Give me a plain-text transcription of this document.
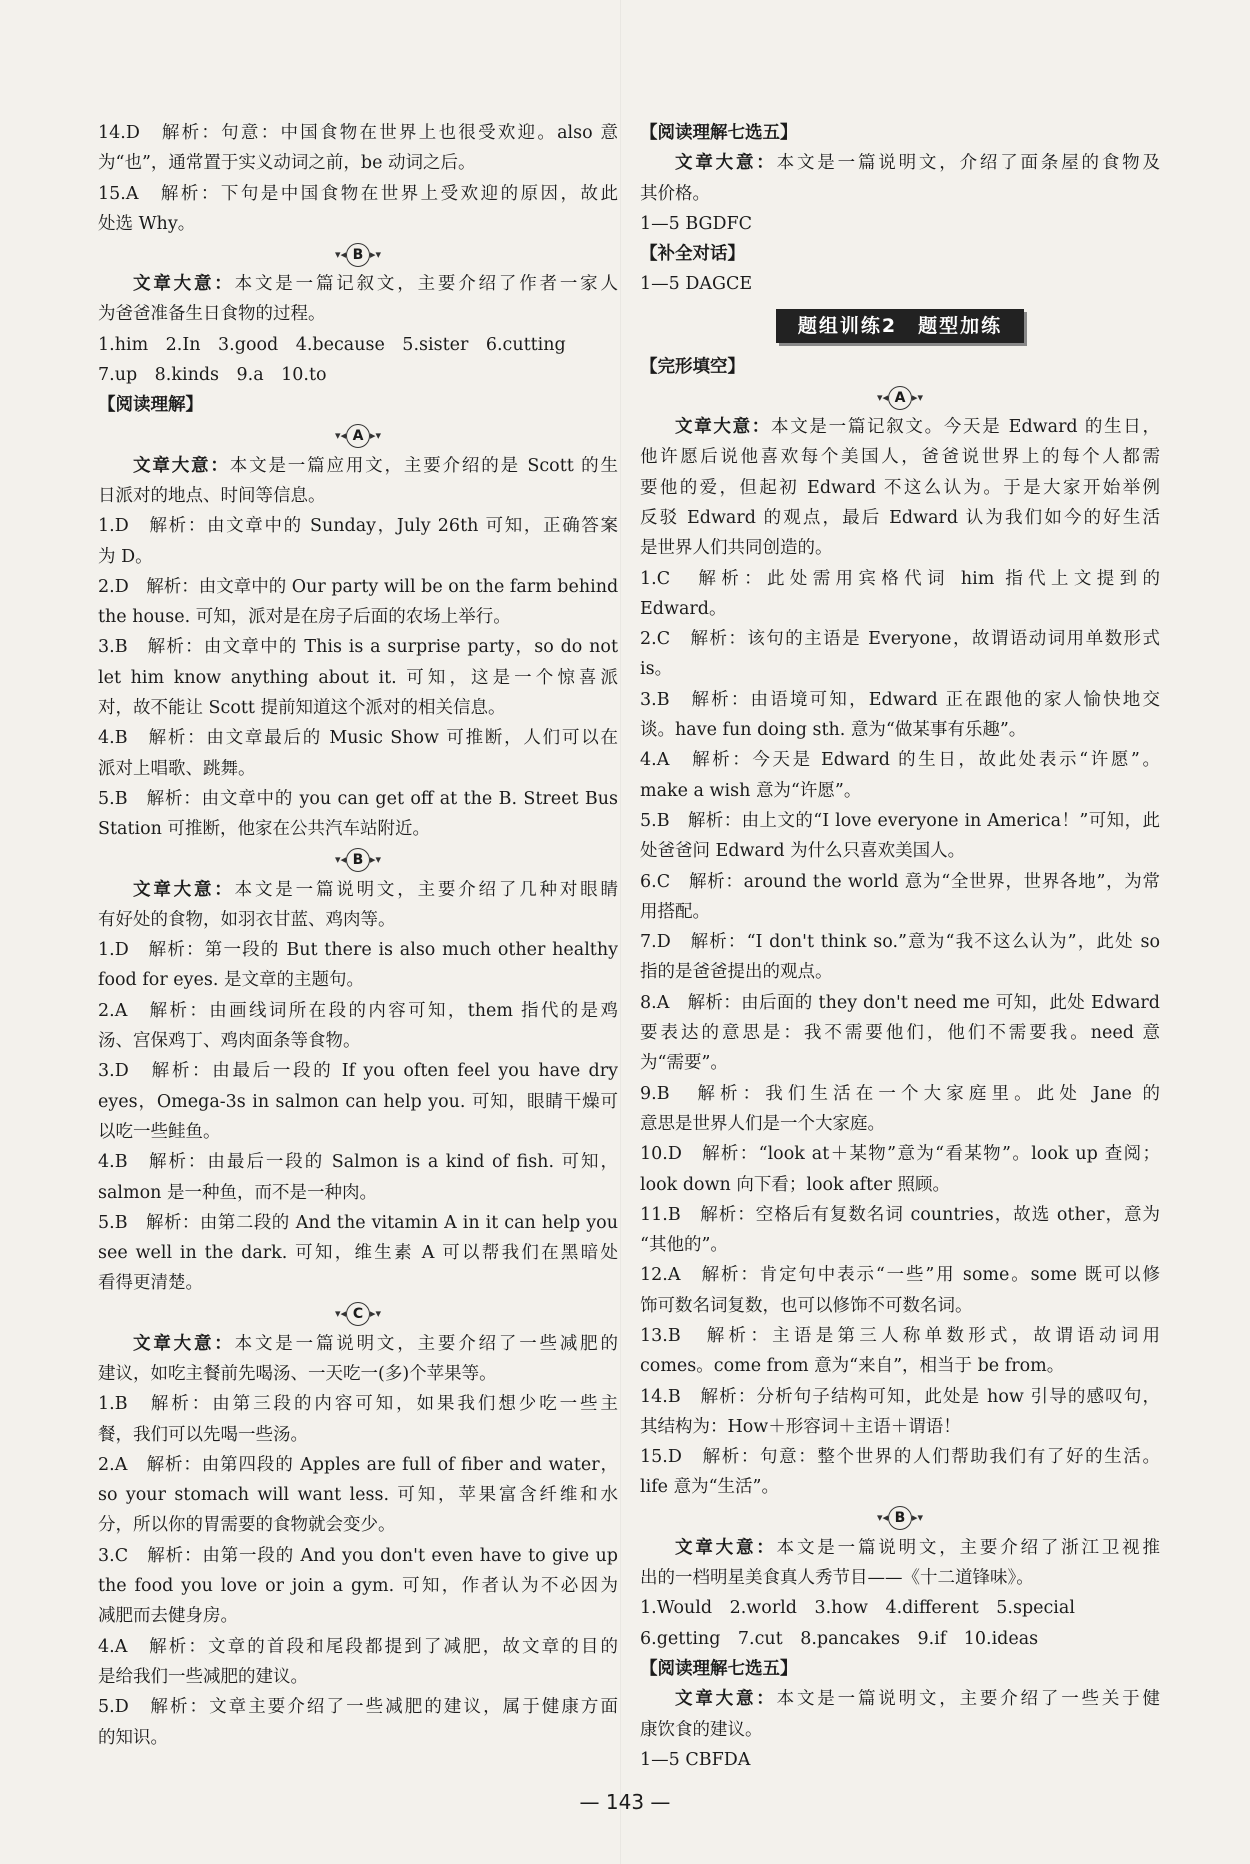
14.D　解析：句意：中国食物在世界上也很受欢迎。also 意
为“也”，通常置于实义动词之前，be 动词之后。
15.A　解析：下句是中国食物在世界上受欢迎的原因，故此
处选 Why。
▾◂B▸▾
文章大意：本文是一篇记叙文，主要介绍了作者一家人
为爸爸准备生日食物的过程。
1.him　2.In　3.good　4.because　5.sister　6.cutting
7.up　8.kinds　9.a　10.to
【阅读理解】
▾◂A▸▾
文章大意：本文是一篇应用文，主要介绍的是 Scott 的生
日派对的地点、时间等信息。
1.D　解析：由文章中的 Sunday，July 26th 可知，正确答案
为 D。
2.D　解析：由文章中的 Our party will be on the farm behind
the house. 可知，派对是在房子后面的农场上举行。
3.B　解析：由文章中的 This is a surprise party，so do not
let him know anything about it. 可知，这是一个惊喜派
对，故不能让 Scott 提前知道这个派对的相关信息。
4.B　解析：由文章最后的 Music Show 可推断，人们可以在
派对上唱歌、跳舞。
5.B　解析：由文章中的 you can get off at the B. Street Bus
Station 可推断，他家在公共汽车站附近。
▾◂B▸▾
文章大意：本文是一篇说明文，主要介绍了几种对眼睛
有好处的食物，如羽衣甘蓝、鸡肉等。
1.D　解析：第一段的 But there is also much other healthy
food for eyes. 是文章的主题句。
2.A　解析：由画线词所在段的内容可知，them 指代的是鸡
汤、宫保鸡丁、鸡肉面条等食物。
3.D　解析：由最后一段的 If you often feel you have dry
eyes，Omega-3s in salmon can help you. 可知，眼睛干燥可
以吃一些鲑鱼。
4.B　解析：由最后一段的 Salmon is a kind of fish. 可知，
salmon 是一种鱼，而不是一种肉。
5.B　解析：由第二段的 And the vitamin A in it can help you
see well in the dark. 可知，维生素 A 可以帮我们在黑暗处
看得更清楚。
▾◂C▸▾
文章大意：本文是一篇说明文，主要介绍了一些减肥的
建议，如吃主餐前先喝汤、一天吃一(多)个苹果等。
1.B　解析：由第三段的内容可知，如果我们想少吃一些主
餐，我们可以先喝一些汤。
2.A　解析：由第四段的 Apples are full of fiber and water，
so your stomach will want less. 可知，苹果富含纤维和水
分，所以你的胃需要的食物就会变少。
3.C　解析：由第一段的 And you don't even have to give up
the food you love or join a gym. 可知，作者认为不必因为
减肥而去健身房。
4.A　解析：文章的首段和尾段都提到了减肥，故文章的目的
是给我们一些减肥的建议。
5.D　解析：文章主要介绍了一些减肥的建议，属于健康方面
的知识。
【阅读理解七选五】
文章大意：本文是一篇说明文，介绍了面条屋的食物及
其价格。
1—5 BGDFC
【补全对话】
1—5 DAGCE
题组训练2　题型加练
【完形填空】
▾◂A▸▾
文章大意：本文是一篇记叙文。今天是 Edward 的生日，
他许愿后说他喜欢每个美国人，爸爸说世界上的每个人都需
要他的爱，但起初 Edward 不这么认为。于是大家开始举例
反驳 Edward 的观点，最后 Edward 认为我们如今的好生活
是世界人们共同创造的。
1.C　解析：此处需用宾格代词 him 指代上文提到的
Edward。
2.C　解析：该句的主语是 Everyone，故谓语动词用单数形式
is。
3.B　解析：由语境可知，Edward 正在跟他的家人愉快地交
谈。have fun doing sth. 意为“做某事有乐趣”。
4.A　解析：今天是 Edward 的生日，故此处表示“许愿”。
make a wish 意为“许愿”。
5.B　解析：由上文的“I love everyone in America！”可知，此
处爸爸问 Edward 为什么只喜欢美国人。
6.C　解析：around the world 意为“全世界，世界各地”，为常
用搭配。
7.D　解析：“I don't think so.”意为“我不这么认为”，此处 so
指的是爸爸提出的观点。
8.A　解析：由后面的 they don't need me 可知，此处 Edward
要表达的意思是：我不需要他们，他们不需要我。need 意
为“需要”。
9.B　解析：我们生活在一个大家庭里。此处 Jane 的
意思是世界人们是一个大家庭。
10.D　解析：“look at＋某物”意为“看某物”。look up 查阅；
look down 向下看；look after 照顾。
11.B　解析：空格后有复数名词 countries，故选 other，意为
“其他的”。
12.A　解析：肯定句中表示“一些”用 some。some 既可以修
饰可数名词复数，也可以修饰不可数名词。
13.B　解析：主语是第三人称单数形式，故谓语动词用
comes。come from 意为“来自”，相当于 be from。
14.B　解析：分析句子结构可知，此处是 how 引导的感叹句，
其结构为：How＋形容词＋主语＋谓语！
15.D　解析：句意：整个世界的人们帮助我们有了好的生活。
life 意为“生活”。
▾◂B▸▾
文章大意：本文是一篇说明文，主要介绍了浙江卫视推
出的一档明星美食真人秀节目——《十二道锋味》。
1.Would　2.world　3.how　4.different　5.special
6.getting　7.cut　8.pancakes　9.if　10.ideas
【阅读理解七选五】
文章大意：本文是一篇说明文，主要介绍了一些关于健
康饮食的建议。
1—5 CBFDA
— 143 —
